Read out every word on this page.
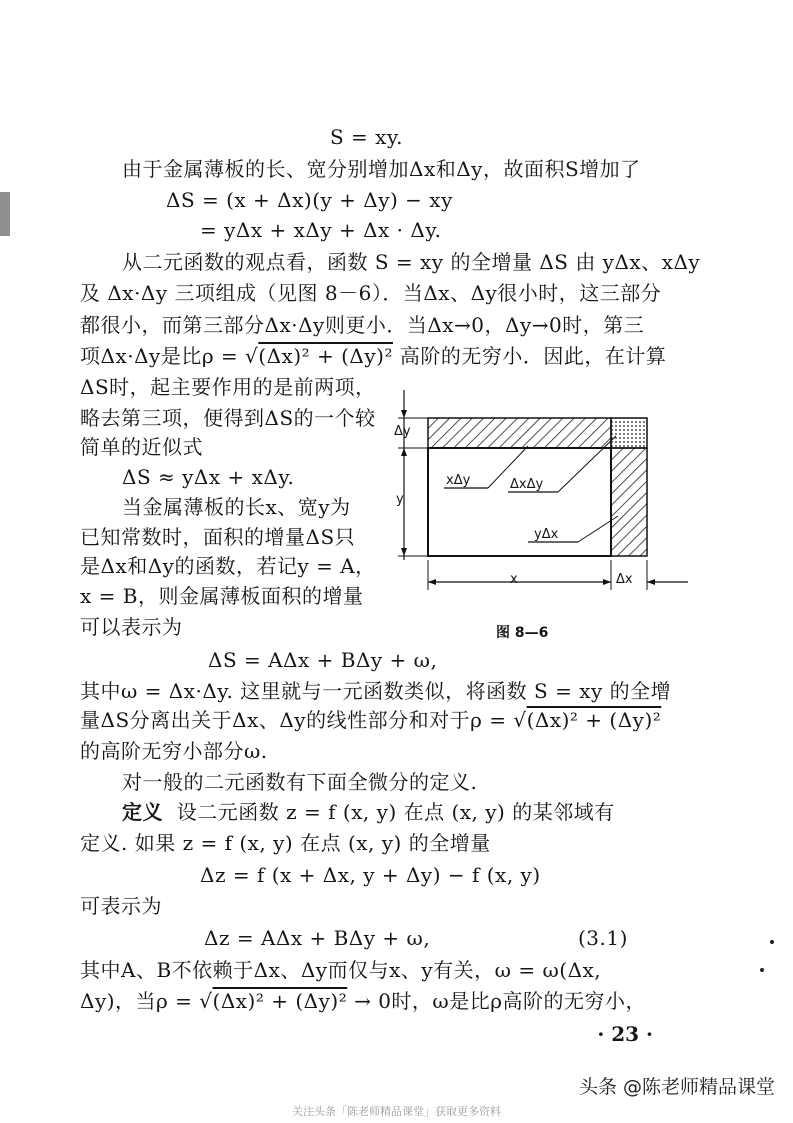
S = xy.
由于金属薄板的长、宽分别增加Δx和Δy，故面积S增加了
ΔS = (x + Δx)(y + Δy) − xy
= yΔx + xΔy + Δx · Δy.
从二元函数的观点看，函数 S = xy 的全增量 ΔS 由 yΔx、xΔy
及 Δx·Δy 三项组成（见图 8－6）．当Δx、Δy很小时，这三部分
都很小，而第三部分Δx·Δy则更小．当Δx→0，Δy→0时，第三
项Δx·Δy是比ρ = √(Δx)² + (Δy)² 高阶的无穷小．因此，在计算
ΔS时，起主要作用的是前两项，
略去第三项，便得到ΔS的一个较
简单的近似式
ΔS ≈ yΔx + xΔy.
当金属薄板的长x、宽y为
已知常数时，面积的增量ΔS只
是Δx和Δy的函数，若记y = A，
x = B，则金属薄板面积的增量
可以表示为
ΔS = AΔx + BΔy + ω,
其中ω = Δx·Δy. 这里就与一元函数类似，将函数 S = xy 的全增
量ΔS分离出关于Δx、Δy的线性部分和对于ρ = √(Δx)² + (Δy)²
的高阶无穷小部分ω.
对一般的二元函数有下面全微分的定义.
定义 设二元函数 z = f (x, y) 在点 (x, y) 的某邻域有
定义. 如果 z = f (x, y) 在点 (x, y) 的全增量
Δz = f (x + Δx, y + Δy) − f (x, y)
可表示为
Δz = AΔx + BΔy + ω,	(3.1)
其中A、B不依赖于Δx、Δy而仅与x、y有关，ω = ω(Δx,
Δy)，当ρ = √(Δx)² + (Δy)² → 0时，ω是比ρ高阶的无穷小，
Δy
y
xΔy	ΔxΔy
yΔx
x	Δx
图 8—6
· 23 ·
头条 @陈老师精品课堂
关注头条「陈老师精品课堂」获取更多资料
